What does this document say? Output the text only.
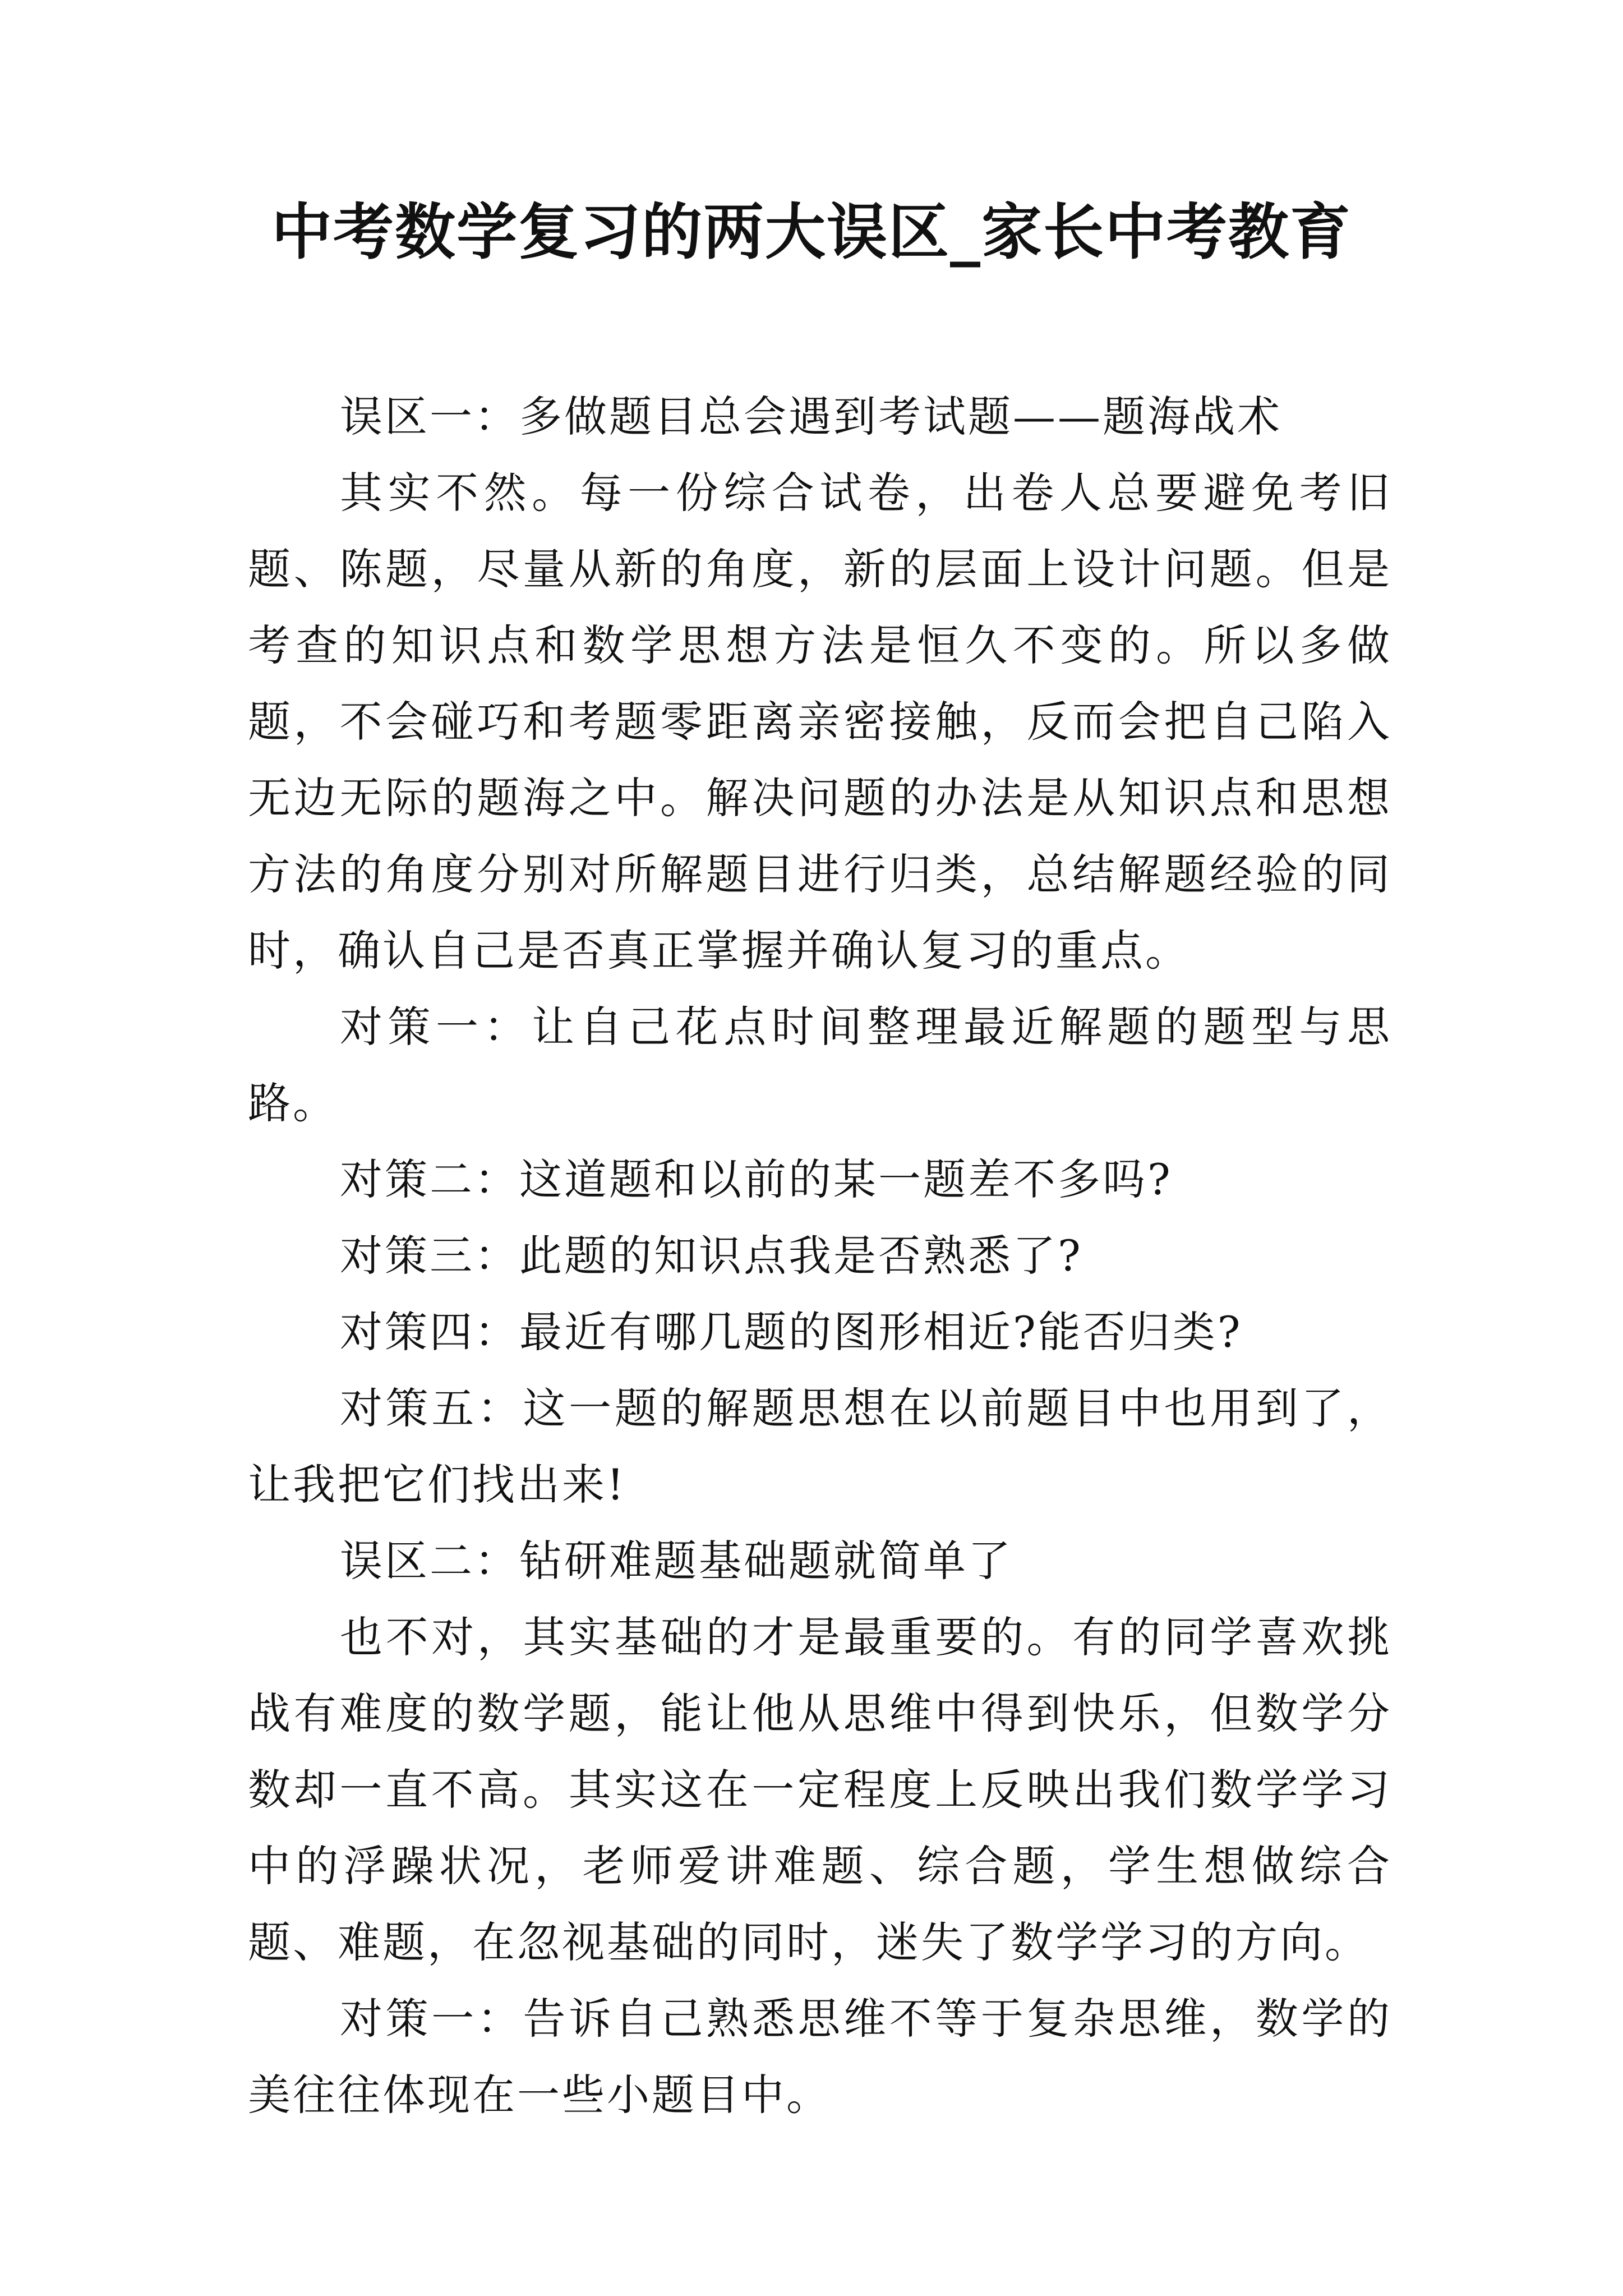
中考数学复习的两大误区_家长中考教育

误区一：多做题目总会遇到考试题——题海战术

其实不然。每一份综合试卷，出卷人总要避免考旧题、陈题，尽量从新的角度，新的层面上设计问题。但是考查的知识点和数学思想方法是恒久不变的。所以多做题，不会碰巧和考题零距离亲密接触，反而会把自己陷入无边无际的题海之中。解决问题的办法是从知识点和思想方法的角度分别对所解题目进行归类，总结解题经验的同时，确认自己是否真正掌握并确认复习的重点。

对策一：让自己花点时间整理最近解题的题型与思路。

对策二：这道题和以前的某一题差不多吗?

对策三：此题的知识点我是否熟悉了?

对策四：最近有哪几题的图形相近?能否归类?

对策五：这一题的解题思想在以前题目中也用到了，让我把它们找出来!

误区二：钻研难题基础题就简单了

也不对，其实基础的才是最重要的。有的同学喜欢挑战有难度的数学题，能让他从思维中得到快乐，但数学分数却一直不高。其实这在一定程度上反映出我们数学学习中的浮躁状况，老师爱讲难题、综合题，学生想做综合题、难题，在忽视基础的同时，迷失了数学学习的方向。

对策一：告诉自己熟悉思维不等于复杂思维，数学的美往往体现在一些小题目中。
